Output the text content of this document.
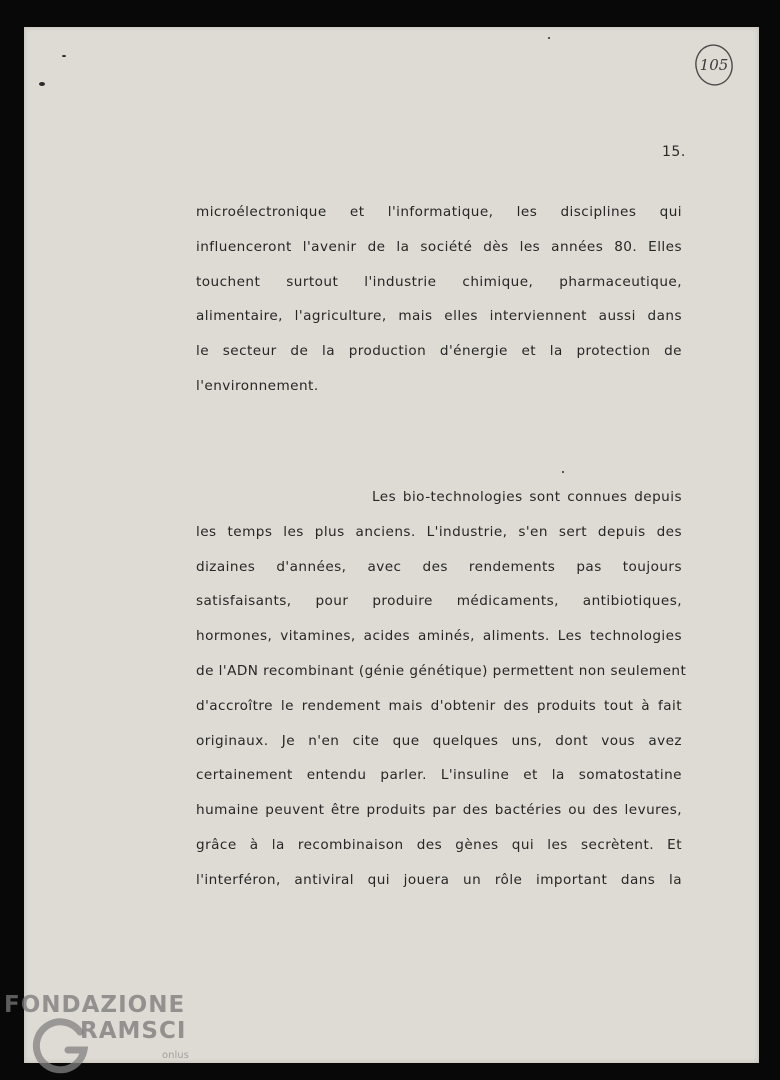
105
15.
microélectronique et l'informatique, les disciplines qui
influenceront l'avenir de la société dès les années 80. Elles
touchent surtout l'industrie chimique, pharmaceutique,
alimentaire, l'agriculture, mais elles interviennent aussi dans
le secteur de la production d'énergie et la protection de
l'environnement.
Les bio-technologies sont connues depuis
les temps les plus anciens. L'industrie, s'en sert depuis des
dizaines d'années, avec des rendements pas toujours
satisfaisants, pour produire médicaments, antibiotiques,
hormones, vitamines, acides aminés, aliments. Les technologies
de l'ADN recombinant (génie génétique) permettent non seulement
d'accroître le rendement mais d'obtenir des produits tout à fait
originaux. Je n'en cite que quelques uns, dont vous avez
certainement entendu parler. L'insuline et la somatostatine
humaine peuvent être produits par des bactéries ou des levures,
grâce à la recombinaison des gènes qui les secrètent. Et
l'interféron, antiviral qui jouera un rôle important dans la
FONDAZIONE
RAMSCI
onlus
